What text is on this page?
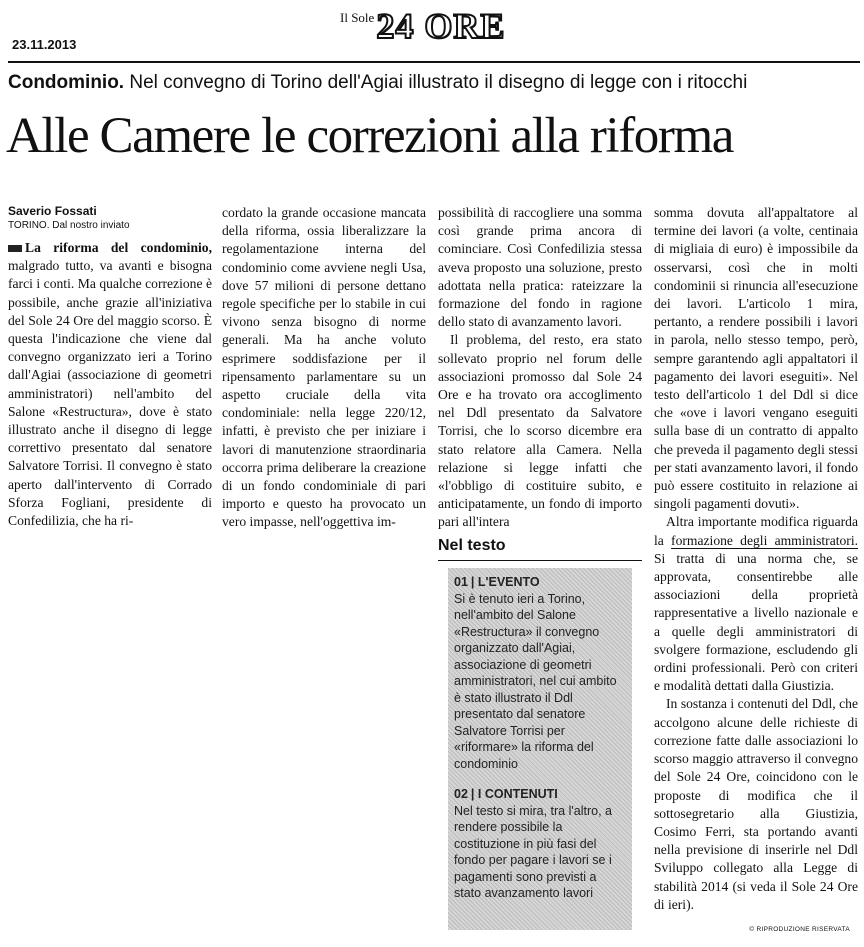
23.11.2013
Il Sole 24 ORE
Condominio. Nel convegno di Torino dell'Agiai illustrato il disegno di legge con i ritocchi
Alle Camere le correzioni alla riforma
Saverio Fossati
TORINO. Dal nostro inviato

La riforma del condominio, malgrado tutto, va avanti e bisogna farci i conti. Ma qualche correzione è possibile, anche grazie all'iniziativa del Sole 24 Ore del maggio scorso. È questa l'indicazione che viene dal convegno organizzato ieri a Torino dall'Agiai (associazione di geometri amministratori) nell'ambito del Salone «Restructura», dove è stato illustrato anche il disegno di legge correttivo presentato dal senatore Salvatore Torrisi. Il convegno è stato aperto dall'intervento di Corrado Sforza Fogliani, presidente di Confedilizia, che ha ri-

cordato la grande occasione mancata della riforma, ossia liberalizzare la regolamentazione interna del condominio come avviene negli Usa, dove 57 milioni di persone dettano regole specifiche per lo stabile in cui vivono senza bisogno di norme generali. Ma ha anche voluto esprimere soddisfazione per il ripensamento parlamentare su un aspetto cruciale della vita condominiale: nella legge 220/12, infatti, è previsto che per iniziare i lavori di manutenzione straordinaria occorra prima deliberare la creazione di un fondo condominiale di pari importo e questo ha provocato un vero impasse, nell'oggettiva im-

possibilità di raccogliere una somma così grande prima ancora di cominciare. Così Confedilizia stessa aveva proposto una soluzione, presto adottata nella pratica: rateizzare la formazione del fondo in ragione dello stato di avanzamento lavori.

Il problema, del resto, era stato sollevato proprio nel forum delle associazioni promosso dal Sole 24 Ore e ha trovato ora accoglimento nel Ddl presentato da Salvatore Torrisi, che lo scorso dicembre era stato relatore alla Camera. Nella relazione si legge infatti che «l'obbligo di costituire subito, e anticipatamente, un fondo di importo pari all'intera

Nel testo
01 | L'EVENTO
Si è tenuto ieri a Torino, nell'ambito del Salone «Restructura» il convegno organizzato dall'Agiai, associazione di geometri amministratori, nel cui ambito è stato illustrato il Ddl presentato dal senatore Salvatore Torrisi per «riformare» la riforma del condominio
02 | I CONTENUTI
Nel testo si mira, tra l'altro, a rendere possibile la costituzione in più fasi del fondo per pagare i lavori se i pagamenti sono previsti a stato avanzamento lavori

somma dovuta all'appaltatore al termine dei lavori (a volte, centinaia di migliaia di euro) è impossibile da osservarsi, così che in molti condominii si rinuncia all'esecuzione dei lavori. L'articolo 1 mira, pertanto, a rendere possibili i lavori in parola, nello stesso tempo, però, sempre garantendo agli appaltatori il pagamento dei lavori eseguiti». Nel testo dell'articolo 1 del Ddl si dice che «ove i lavori vengano eseguiti sulla base di un contratto di appalto che preveda il pagamento degli stessi per stati avanzamento lavori, il fondo può essere costituito in relazione ai singoli pagamenti dovuti».

Altra importante modifica riguarda la formazione degli amministratori. Si tratta di una norma che, se approvata, consentirebbe alle associazioni della proprietà rappresentative a livello nazionale e a quelle degli amministratori di svolgere formazione, escludendo gli ordini professionali. Però con criteri e modalità dettati dalla Giustizia.

In sostanza i contenuti del Ddl, che accolgono alcune delle richieste di correzione fatte dalle associazioni lo scorso maggio attraverso il convegno del Sole 24 Ore, coincidono con le proposte di modifica che il sottosegretario alla Giustizia, Cosimo Ferri, sta portando avanti nella previsione di inserirle nel Ddl Sviluppo collegato alla Legge di stabilità 2014 (si veda il Sole 24 Ore di ieri).

© RIPRODUZIONE RISERVATA
